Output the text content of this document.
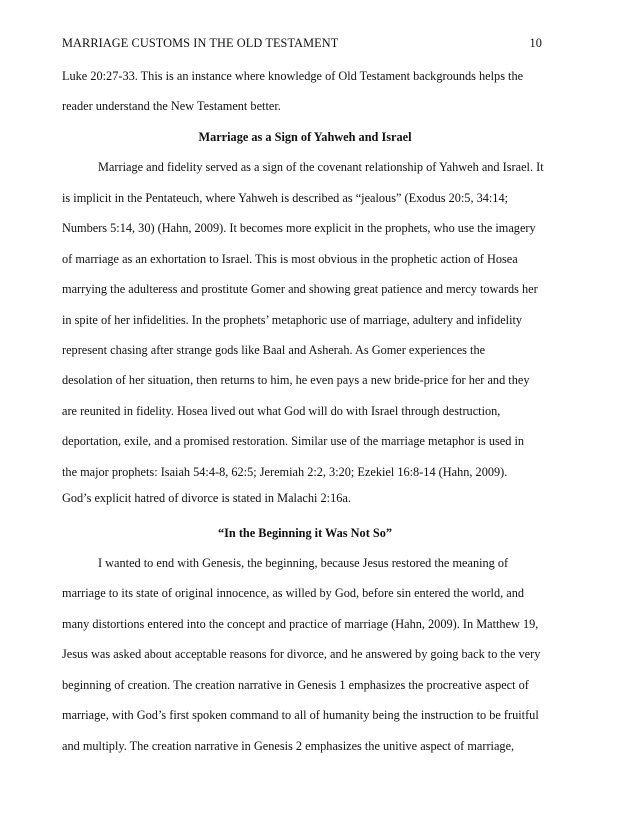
MARRIAGE CUSTOMS IN THE OLD TESTAMENT	10
Luke 20:27-33. This is an instance where knowledge of Old Testament backgrounds helps the
reader understand the New Testament better.
Marriage as a Sign of Yahweh and Israel
Marriage and fidelity served as a sign of the covenant relationship of Yahweh and Israel. It
is implicit in the Pentateuch, where Yahweh is described as “jealous” (Exodus 20:5, 34:14;
Numbers 5:14, 30) (Hahn, 2009). It becomes more explicit in the prophets, who use the imagery
of marriage as an exhortation to Israel. This is most obvious in the prophetic action of Hosea
marrying the adulteress and prostitute Gomer and showing great patience and mercy towards her
in spite of her infidelities. In the prophets’ metaphoric use of marriage, adultery and infidelity
represent chasing after strange gods like Baal and Asherah. As Gomer experiences the
desolation of her situation, then returns to him, he even pays a new bride-price for her and they
are reunited in fidelity. Hosea lived out what God will do with Israel through destruction,
deportation, exile, and a promised restoration. Similar use of the marriage metaphor is used in
the major prophets: Isaiah 54:4-8, 62:5; Jeremiah 2:2, 3:20; Ezekiel 16:8-14 (Hahn, 2009).
God’s explicit hatred of divorce is stated in Malachi 2:16a.
“In the Beginning it Was Not So”
I wanted to end with Genesis, the beginning, because Jesus restored the meaning of
marriage to its state of original innocence, as willed by God, before sin entered the world, and
many distortions entered into the concept and practice of marriage (Hahn, 2009). In Matthew 19,
Jesus was asked about acceptable reasons for divorce, and he answered by going back to the very
beginning of creation. The creation narrative in Genesis 1 emphasizes the procreative aspect of
marriage, with God’s first spoken command to all of humanity being the instruction to be fruitful
and multiply. The creation narrative in Genesis 2 emphasizes the unitive aspect of marriage,
